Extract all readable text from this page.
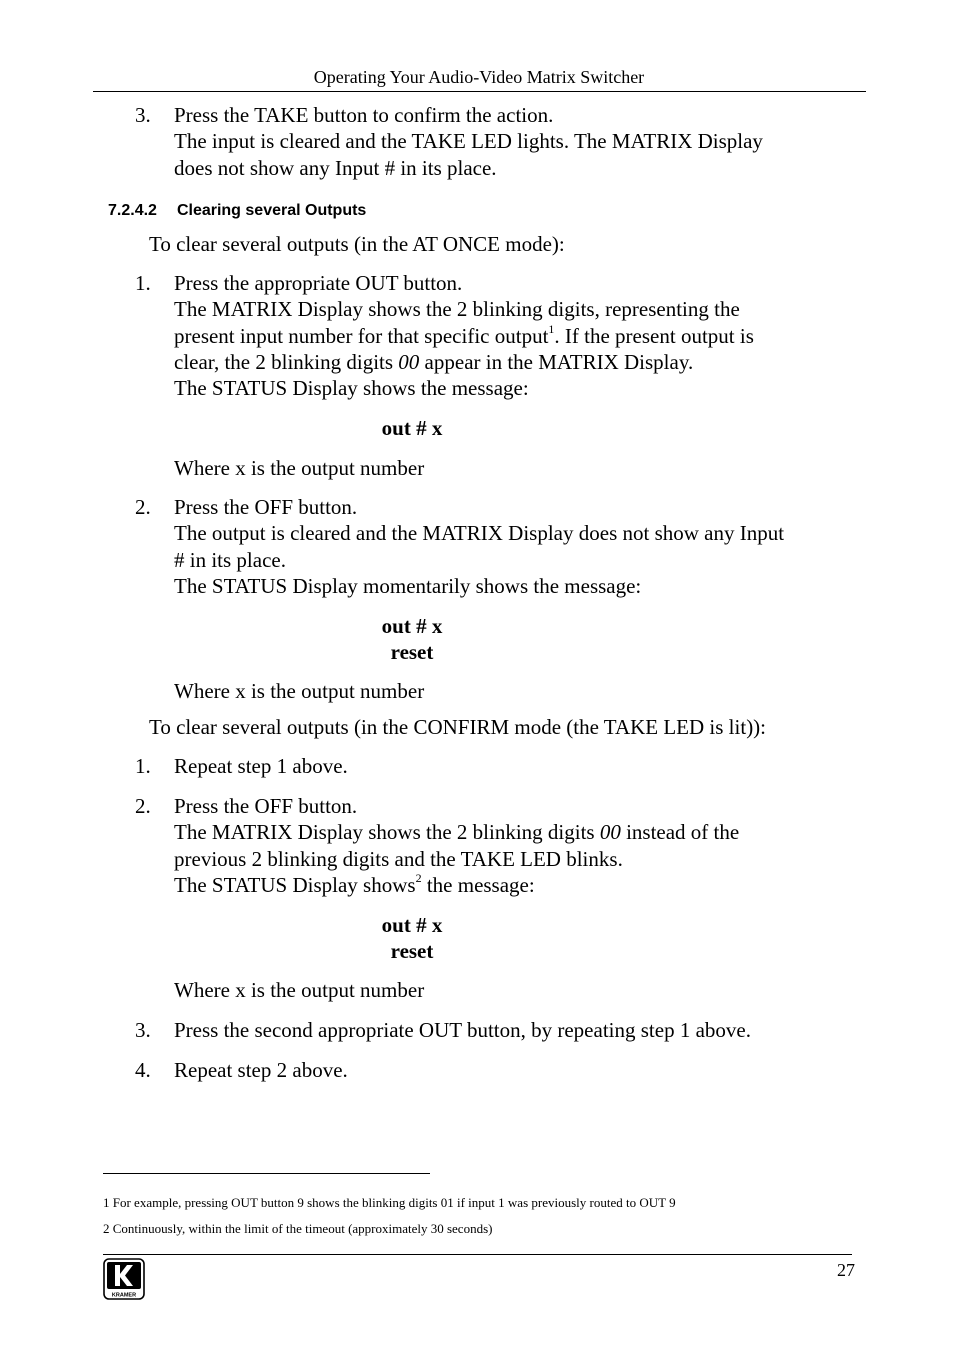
Operating Your Audio-Video Matrix Switcher
3. Press the TAKE button to confirm the action.
The input is cleared and the TAKE LED lights. The MATRIX Display
does not show any Input # in its place.
7.2.4.2 Clearing several Outputs
To clear several outputs (in the AT ONCE mode):
1. Press the appropriate OUT button.
The MATRIX Display shows the 2 blinking digits, representing the
present input number for that specific output$^1$. If the present output is
clear, the 2 blinking digits 00 appear in the MATRIX Display.
The STATUS Display shows the message:
out # x
Where x is the output number
2. Press the OFF button.
The output is cleared and the MATRIX Display does not show any Input
# in its place.
The STATUS Display momentarily shows the message:
out # x
reset
Where x is the output number
To clear several outputs (in the CONFIRM mode (the TAKE LED is lit)):
1. Repeat step 1 above.
2. Press the OFF button.
The MATRIX Display shows the 2 blinking digits 00 instead of the
previous 2 blinking digits and the TAKE LED blinks.
The STATUS Display shows$^2$ the message:
out # x
reset
Where x is the output number
3. Press the second appropriate OUT button, by repeating step 1 above.
4. Repeat step 2 above.
1 For example, pressing OUT button 9 shows the blinking digits 01 if input 1 was previously routed to OUT 9
2 Continuously, within the limit of the timeout (approximately 30 seconds)
KRAMER
27
